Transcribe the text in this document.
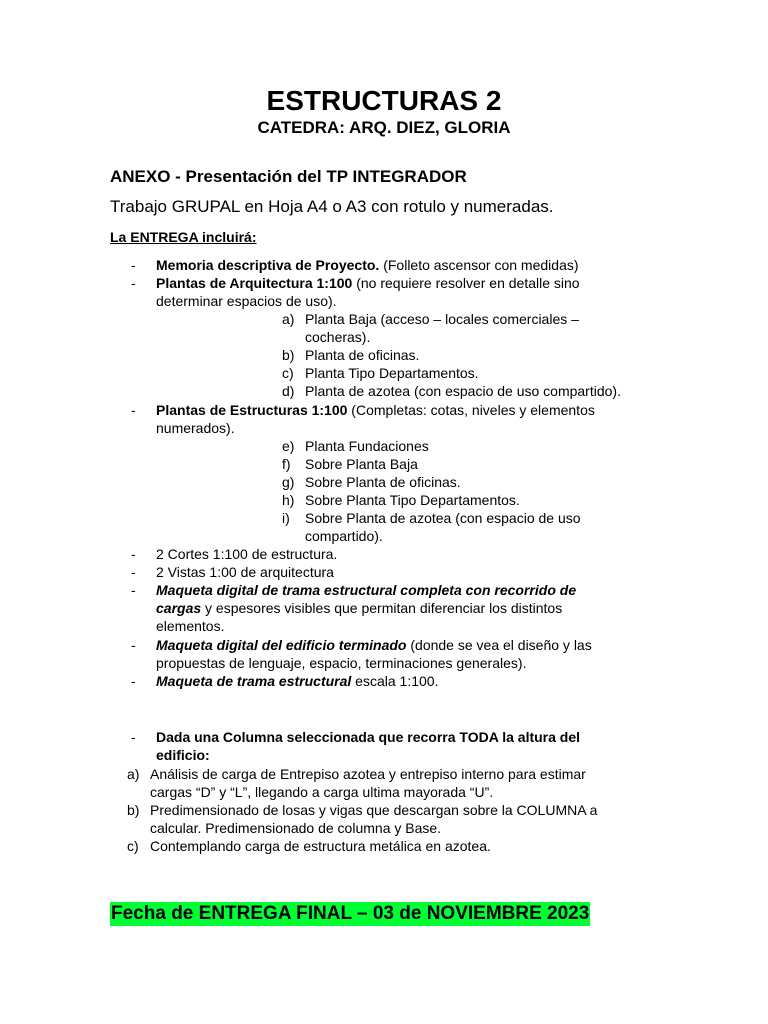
ESTRUCTURAS 2
CATEDRA: ARQ. DIEZ, GLORIA
ANEXO - Presentación del TP INTEGRADOR
Trabajo GRUPAL en Hoja A4 o A3 con rotulo y numeradas.
La ENTREGA incluirá:
- Memoria descriptiva de Proyecto. (Folleto ascensor con medidas)
- Plantas de Arquitectura 1:100 (no requiere resolver en detalle sino
determinar espacios de uso).
a) Planta Baja (acceso – locales comerciales –
cocheras).
b) Planta de oficinas.
c) Planta Tipo Departamentos.
d) Planta de azotea (con espacio de uso compartido).
- Plantas de Estructuras 1:100 (Completas: cotas, niveles y elementos
numerados).
e) Planta Fundaciones
f) Sobre Planta Baja
g) Sobre Planta de oficinas.
h) Sobre Planta Tipo Departamentos.
i) Sobre Planta de azotea (con espacio de uso
compartido).
- 2 Cortes 1:100 de estructura.
- 2 Vistas 1:00 de arquitectura
- Maqueta digital de trama estructural completa con recorrido de
cargas y espesores visibles que permitan diferenciar los distintos
elementos.
- Maqueta digital del edificio terminado (donde se vea el diseño y las
propuestas de lenguaje, espacio, terminaciones generales).
- Maqueta de trama estructural escala 1:100.
- Dada una Columna seleccionada que recorra TODA la altura del
edificio:
a) Análisis de carga de Entrepiso azotea y entrepiso interno para estimar
cargas “D” y “L”, llegando a carga ultima mayorada “U”.
b) Predimensionado de losas y vigas que descargan sobre la COLUMNA a
calcular. Predimensionado de columna y Base.
c) Contemplando carga de estructura metálica en azotea.
Fecha de ENTREGA FINAL – 03 de NOVIEMBRE 2023
